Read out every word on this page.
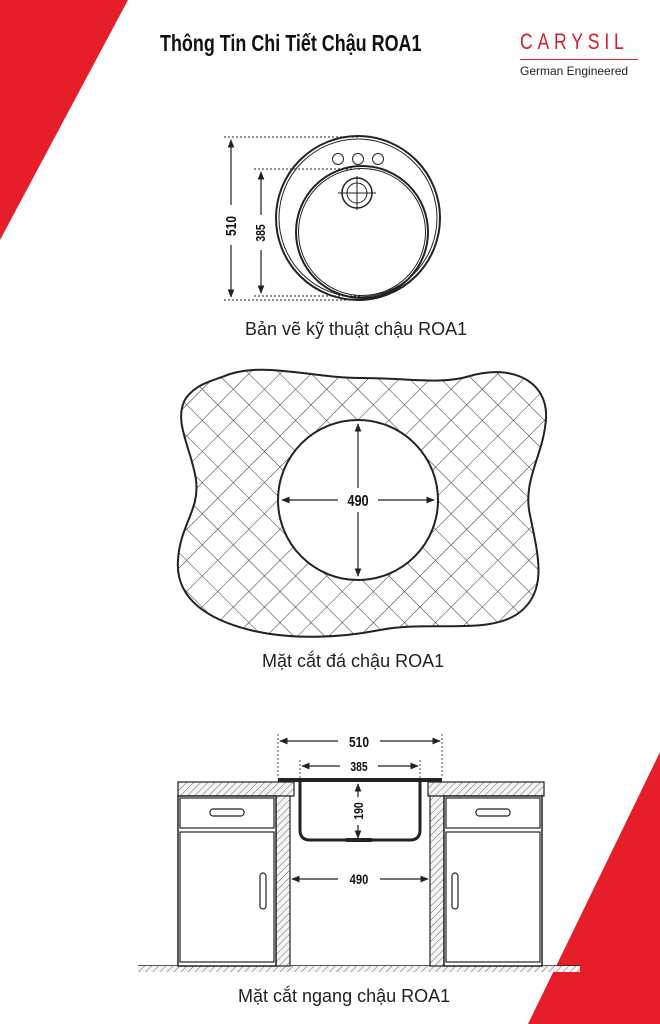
510 385
490
510
385
190
490
Thông Tin Chi Tiết Chậu ROA1	CARYSIL
German Engineered
Bản vẽ kỹ thuật chậu ROA1
Mặt cắt đá chậu ROA1
Mặt cắt ngang chậu ROA1
